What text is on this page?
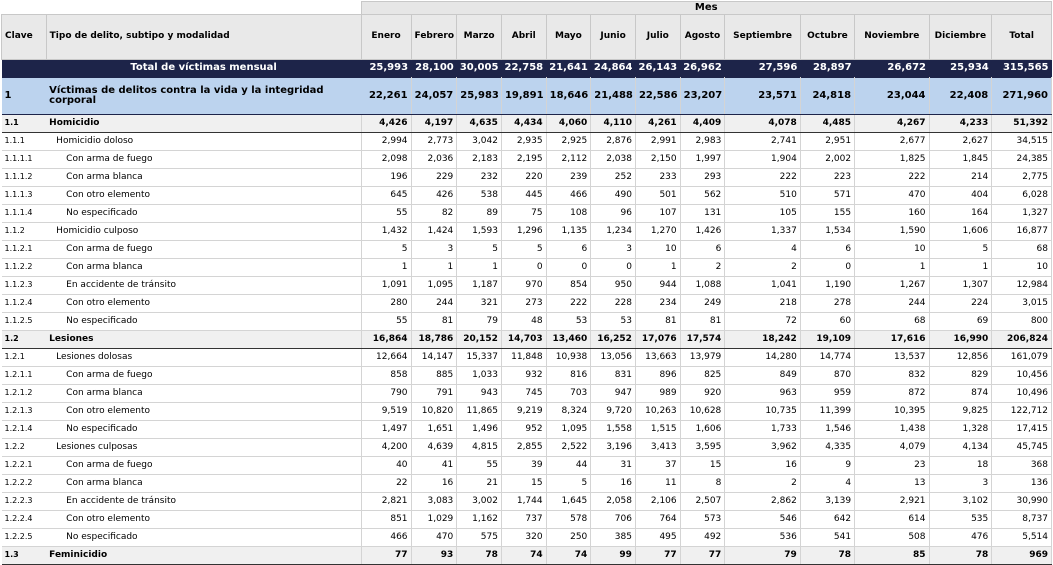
		Mes												
Clave	Tipo de delito, subtipo y modalidad	Enero	Febrero	Marzo	Abril	Mayo	Junio	Julio	Agosto	Septiembre	Octubre	Noviembre	Diciembre	Total
	Total de víctimas mensual	25,993	28,100	30,005	22,758	21,641	24,864	26,143	26,962	27,596	28,897	26,672	25,934	315,565
1	Víctimas de delitos contra la vida y la integridad corporal	22,261	24,057	25,983	19,891	18,646	21,488	22,586	23,207	23,571	24,818	23,044	22,408	271,960
1.1	Homicidio	4,426	4,197	4,635	4,434	4,060	4,110	4,261	4,409	4,078	4,485	4,267	4,233	51,392
1.1.1	Homicidio doloso	2,994	2,773	3,042	2,935	2,925	2,876	2,991	2,983	2,741	2,951	2,677	2,627	34,515
1.1.1.1	Con arma de fuego	2,098	2,036	2,183	2,195	2,112	2,038	2,150	1,997	1,904	2,002	1,825	1,845	24,385
1.1.1.2	Con arma blanca	196	229	232	220	239	252	233	293	222	223	222	214	2,775
1.1.1.3	Con otro elemento	645	426	538	445	466	490	501	562	510	571	470	404	6,028
1.1.1.4	No especificado	55	82	89	75	108	96	107	131	105	155	160	164	1,327
1.1.2	Homicidio culposo	1,432	1,424	1,593	1,296	1,135	1,234	1,270	1,426	1,337	1,534	1,590	1,606	16,877
1.1.2.1	Con arma de fuego	5	3	5	5	6	3	10	6	4	6	10	5	68
1.1.2.2	Con arma blanca	1	1	1	0	0	0	1	2	2	0	1	1	10
1.1.2.3	En accidente de tránsito	1,091	1,095	1,187	970	854	950	944	1,088	1,041	1,190	1,267	1,307	12,984
1.1.2.4	Con otro elemento	280	244	321	273	222	228	234	249	218	278	244	224	3,015
1.1.2.5	No especificado	55	81	79	48	53	53	81	81	72	60	68	69	800
1.2	Lesiones	16,864	18,786	20,152	14,703	13,460	16,252	17,076	17,574	18,242	19,109	17,616	16,990	206,824
1.2.1	Lesiones dolosas	12,664	14,147	15,337	11,848	10,938	13,056	13,663	13,979	14,280	14,774	13,537	12,856	161,079
1.2.1.1	Con arma de fuego	858	885	1,033	932	816	831	896	825	849	870	832	829	10,456
1.2.1.2	Con arma blanca	790	791	943	745	703	947	989	920	963	959	872	874	10,496
1.2.1.3	Con otro elemento	9,519	10,820	11,865	9,219	8,324	9,720	10,263	10,628	10,735	11,399	10,395	9,825	122,712
1.2.1.4	No especificado	1,497	1,651	1,496	952	1,095	1,558	1,515	1,606	1,733	1,546	1,438	1,328	17,415
1.2.2	Lesiones culposas	4,200	4,639	4,815	2,855	2,522	3,196	3,413	3,595	3,962	4,335	4,079	4,134	45,745
1.2.2.1	Con arma de fuego	40	41	55	39	44	31	37	15	16	9	23	18	368
1.2.2.2	Con arma blanca	22	16	21	15	5	16	11	8	2	4	13	3	136
1.2.2.3	En accidente de tránsito	2,821	3,083	3,002	1,744	1,645	2,058	2,106	2,507	2,862	3,139	2,921	3,102	30,990
1.2.2.4	Con otro elemento	851	1,029	1,162	737	578	706	764	573	546	642	614	535	8,737
1.2.2.5	No especificado	466	470	575	320	250	385	495	492	536	541	508	476	5,514
1.3	Feminicidio	77	93	78	74	74	99	77	77	79	78	85	78	969
